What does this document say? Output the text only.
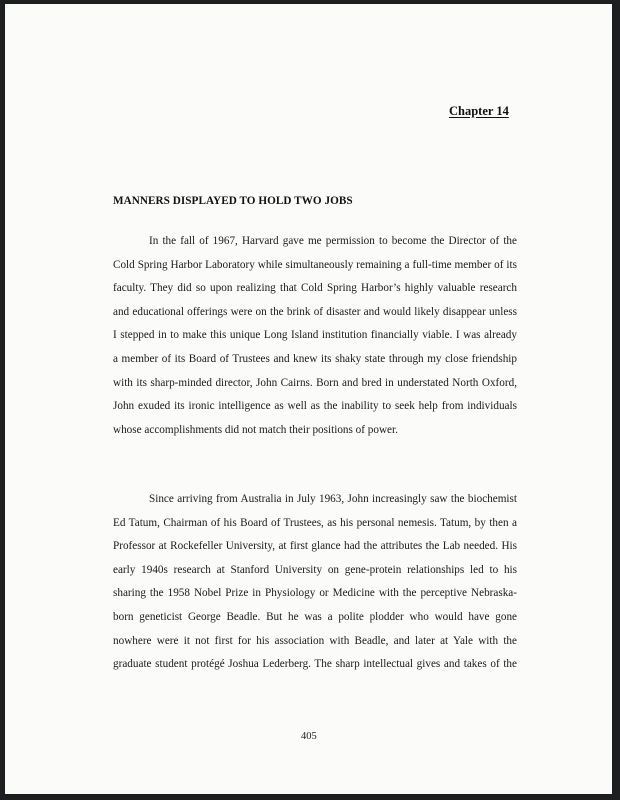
Chapter 14
MANNERS DISPLAYED TO HOLD TWO JOBS
In the fall of 1967, Harvard gave me permission to become the Director of the
Cold Spring Harbor Laboratory while simultaneously remaining a full-time member of its
faculty. They did so upon realizing that Cold Spring Harbor’s highly valuable research
and educational offerings were on the brink of disaster and would likely disappear unless
I stepped in to make this unique Long Island institution financially viable. I was already
a member of its Board of Trustees and knew its shaky state through my close friendship
with its sharp-minded director, John Cairns. Born and bred in understated North Oxford,
John exuded its ironic intelligence as well as the inability to seek help from individuals
whose accomplishments did not match their positions of power.
Since arriving from Australia in July 1963, John increasingly saw the biochemist
Ed Tatum, Chairman of his Board of Trustees, as his personal nemesis. Tatum, by then a
Professor at Rockefeller University, at first glance had the attributes the Lab needed. His
early 1940s research at Stanford University on gene-protein relationships led to his
sharing the 1958 Nobel Prize in Physiology or Medicine with the perceptive Nebraska-
born geneticist George Beadle. But he was a polite plodder who would have gone
nowhere were it not first for his association with Beadle, and later at Yale with the
graduate student protégé Joshua Lederberg. The sharp intellectual gives and takes of the
405
